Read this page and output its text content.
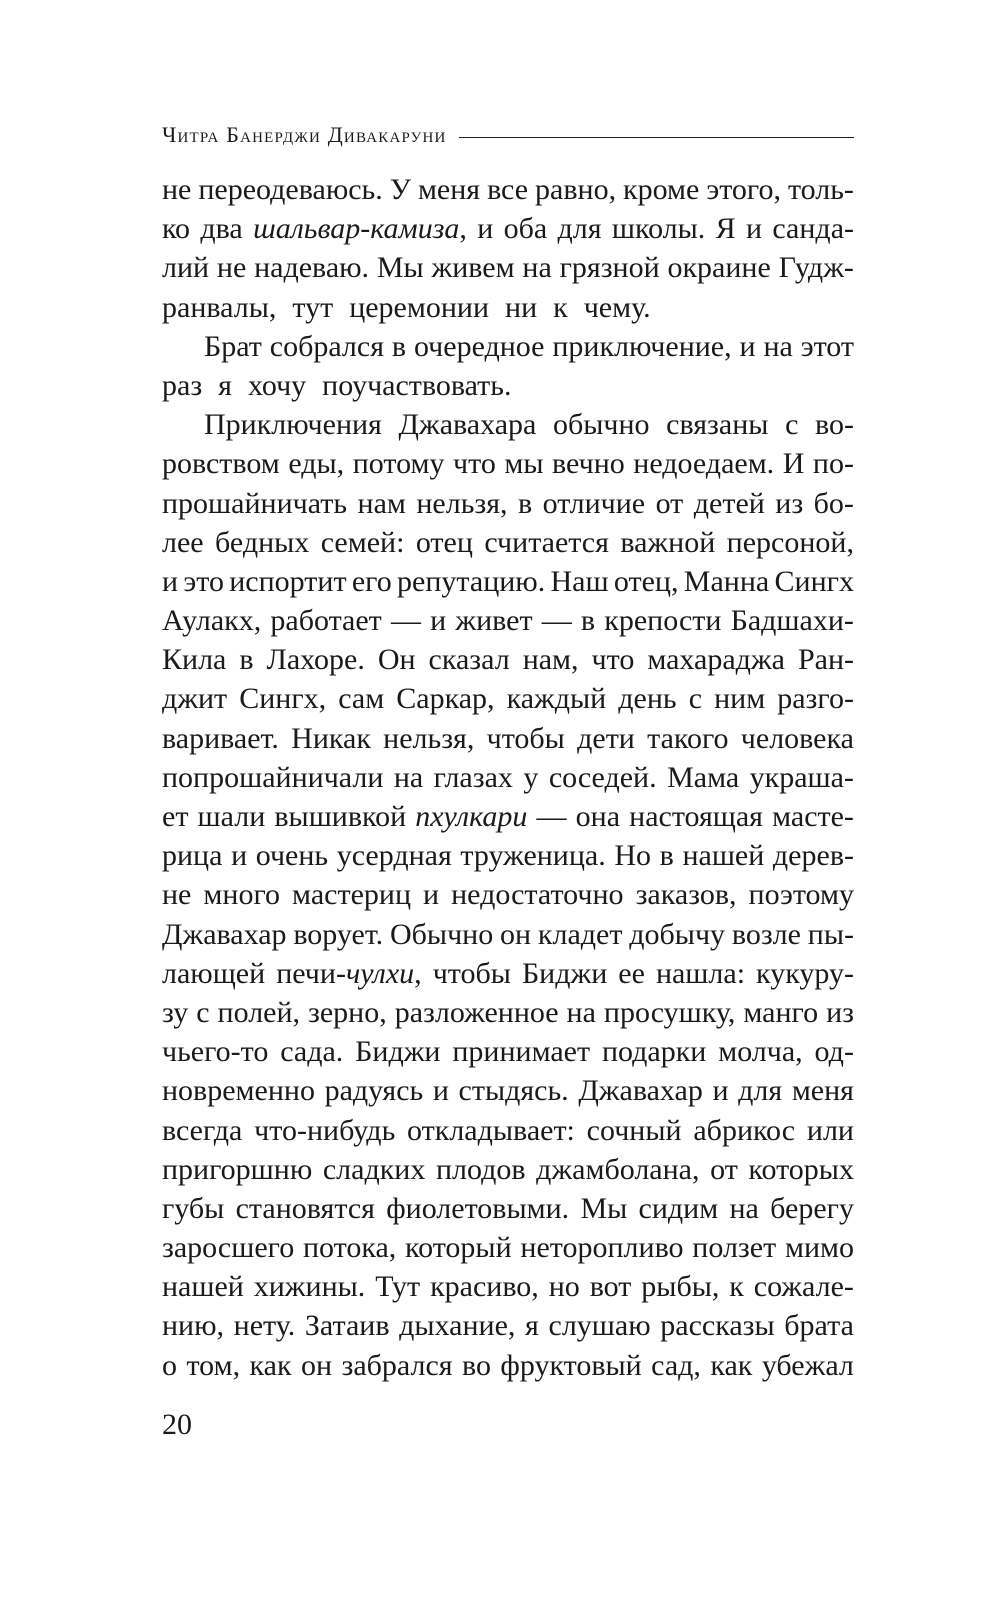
Читра Банерджи Дивакаруни
не переодеваюсь. У меня все равно, кроме этого, толь-
ко два шальвар-камиза, и оба для школы. Я и санда-
лий не надеваю. Мы живем на грязной окраине Гудж-
ранвалы, тут церемонии ни к чему.
Брат собрался в очередное приключение, и на этот
раз я хочу поучаствовать.
Приключения Джавахара обычно связаны с во-
ровством еды, потому что мы вечно недоедаем. И по-
прошайничать нам нельзя, в отличие от детей из бо-
лее бедных семей: отец считается важной персоной,
и это испортит его репутацию. Наш отец, Манна Сингх
Аулакх, работает — и живет — в крепости Бадшахи-
Кила в Лахоре. Он сказал нам, что махараджа Ран-
джит Сингх, сам Саркар, каждый день с ним разго-
варивает. Никак нельзя, чтобы дети такого человека
попрошайничали на глазах у соседей. Мама украша-
ет шали вышивкой пхулкари — она настоящая масте-
рица и очень усердная труженица. Но в нашей дерев-
не много мастериц и недостаточно заказов, поэтому
Джавахар ворует. Обычно он кладет добычу возле пы-
лающей печи-чулхи, чтобы Биджи ее нашла: кукуру-
зу с полей, зерно, разложенное на просушку, манго из
чьего-то сада. Биджи принимает подарки молча, од-
новременно радуясь и стыдясь. Джавахар и для меня
всегда что-нибудь откладывает: сочный абрикос или
пригоршню сладких плодов джамболана, от которых
губы становятся фиолетовыми. Мы сидим на берегу
заросшего потока, который неторопливо ползет мимо
нашей хижины. Тут красиво, но вот рыбы, к сожале-
нию, нету. Затаив дыхание, я слушаю рассказы брата
о том, как он забрался во фруктовый сад, как убежал
20
